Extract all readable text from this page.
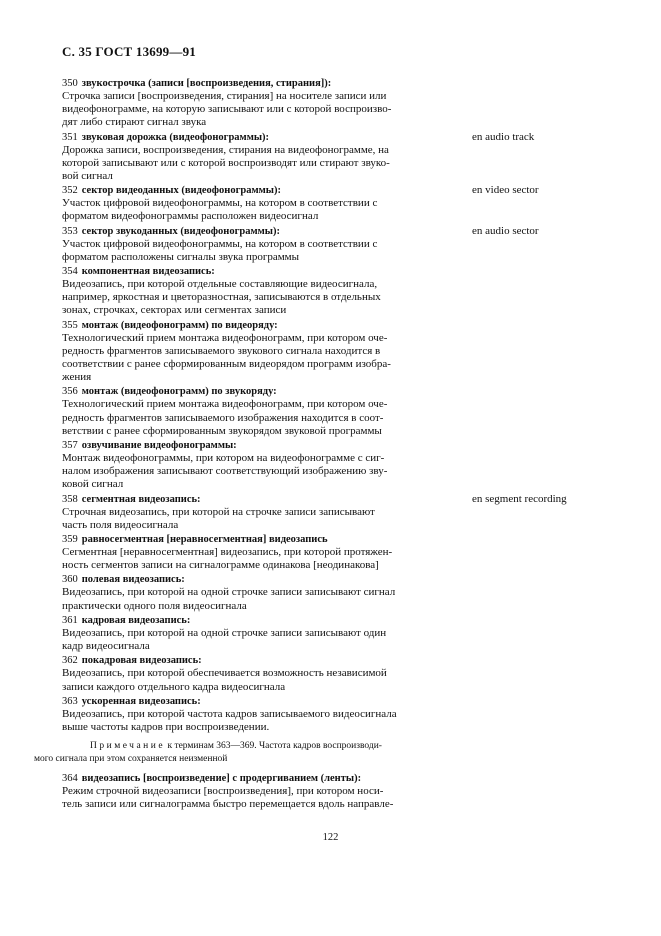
С. 35 ГОСТ 13699—91
350 звукострочка (записи [воспроизведения, стирания]):
Строчка записи [воспроизведения, стирания] на носителе записи или
видеофонограмме, на которую записывают или с которой воспроизво-
дят либо стирают сигнал звука
351 звуковая дорожка (видеофонограммы):	en audio track
Дорожка записи, воспроизведения, стирания на видеофонограмме, на
которой записывают или с которой воспроизводят или стирают звуко-
вой сигнал
352 сектор видеоданных (видеофонограммы):	en video sector
Участок цифровой видеофонограммы, на котором в соответствии с
форматом видеофонограммы расположен видеосигнал
353 сектор звукоданных (видеофонограммы):	en audio sector
Участок цифровой видеофонограммы, на котором в соответствии с
форматом расположены сигналы звука программы
354 компонентная видеозапись:
Видеозапись, при которой отдельные составляющие видеосигнала,
например, яркостная и цветоразностная, записываются в отдельных
зонах, строчках, секторах или сегментах записи
355 монтаж (видеофонограмм) по видеоряду:
Технологический прием монтажа видеофонограмм, при котором оче-
редность фрагментов записываемого звукового сигнала находится в
соответствии с ранее сформированным видеорядом программ изобра-
жения
356 монтаж (видеофонограмм) по звукоряду:
Технологический прием монтажа видеофонограмм, при котором оче-
редность фрагментов записываемого изображения находится в соот-
ветствии с ранее сформированным звукорядом звуковой программы
357 озвучивание видеофонограммы:
Монтаж видеофонограммы, при котором на видеофонограмме с сиг-
налом изображения записывают соответствующий изображению зву-
ковой сигнал
358 сегментная видеозапись:	en segment recording
Строчная видеозапись, при которой на строчке записи записывают
часть поля видеосигнала
359 равносегментная [неравносегментная] видеозапись
Сегментная [неравносегментная] видеозапись, при которой протяжен-
ность сегментов записи на сигналограмме одинакова [неодинакова]
360 полевая видеозапись:
Видеозапись, при которой на одной строчке записи записывают сигнал
практически одного поля видеосигнала
361 кадровая видеозапись:
Видеозапись, при которой на одной строчке записи записывают один
кадр видеосигнала
362 покадровая видеозапись:
Видеозапись, при которой обеспечивается возможность независимой
записи каждого отдельного кадра видеосигнала
363 ускоренная видеозапись:
Видеозапись, при которой частота кадров записываемого видеосигнала
выше частоты кадров при воспроизведении.
Примечание к терминам 363—369. Частота кадров воспроизводи-
мого сигнала при этом сохраняется неизменной
364 видеозапись [воспроизведение] с продергиванием (ленты):
Режим строчной видеозаписи [воспроизведения], при котором носи-
тель записи или сигналограмма быстро перемещается вдоль направле-
122
